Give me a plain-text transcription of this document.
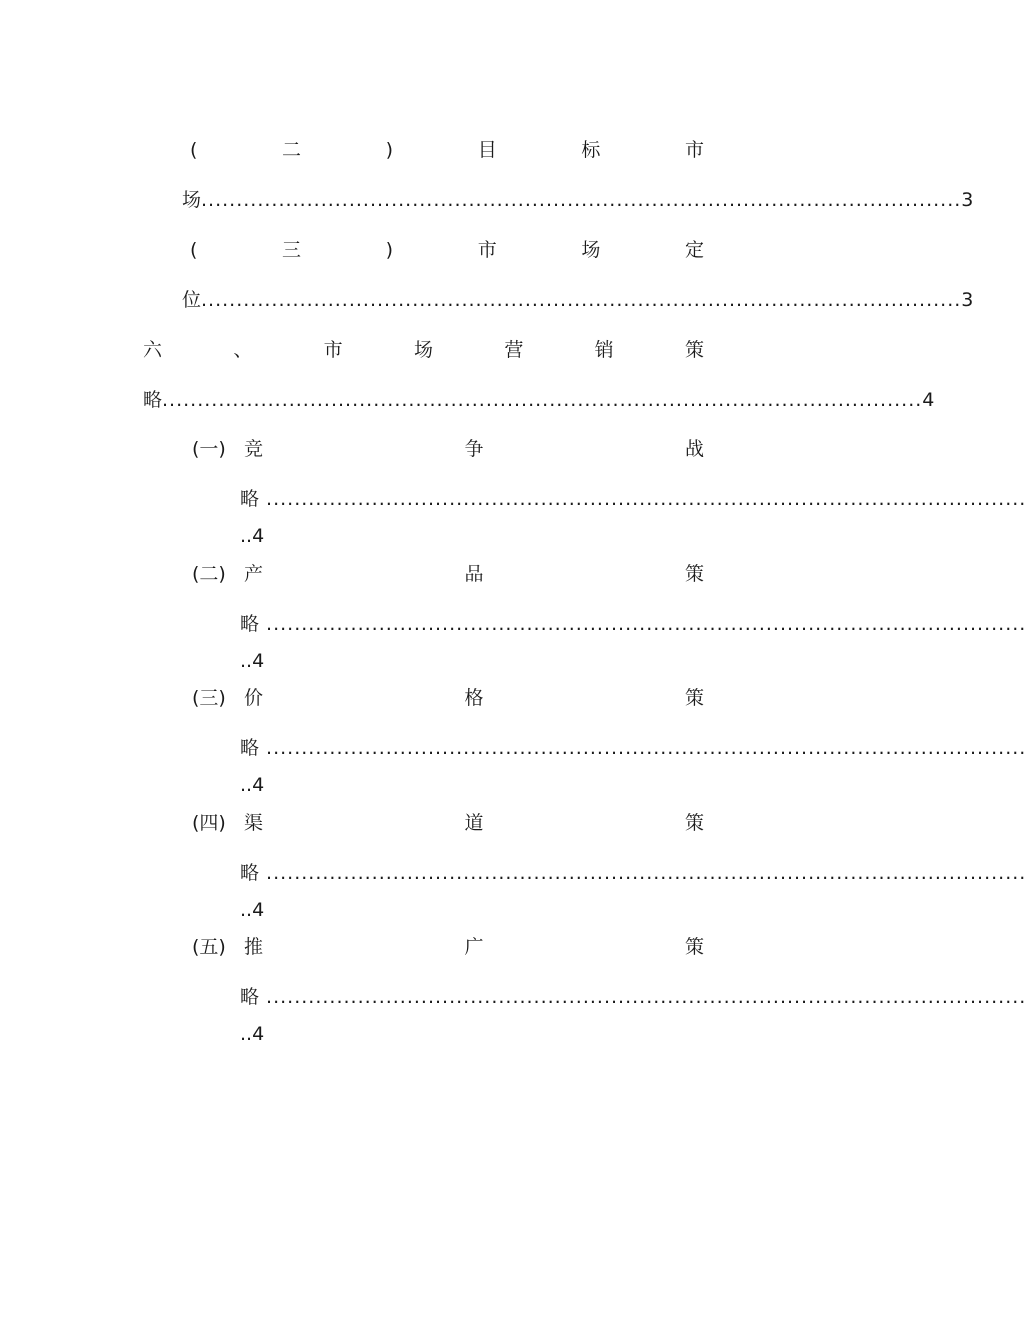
(	二	)	目	标	市
场 ............................................................................................................ 3
(	三	)	市	场	定
位 ............................................................................................................ 3
六	、	市	场	营	销	策
略 ............................................................................................................ 4
(一) 竞	争	战
略 ............................................................................................................
..4
(二) 产	品	策
略 ............................................................................................................
..4
(三) 价	格	策
略 ............................................................................................................
..4
(四) 渠	道	策
略 ............................................................................................................
..4
(五) 推	广	策
略 ............................................................................................................
..4
